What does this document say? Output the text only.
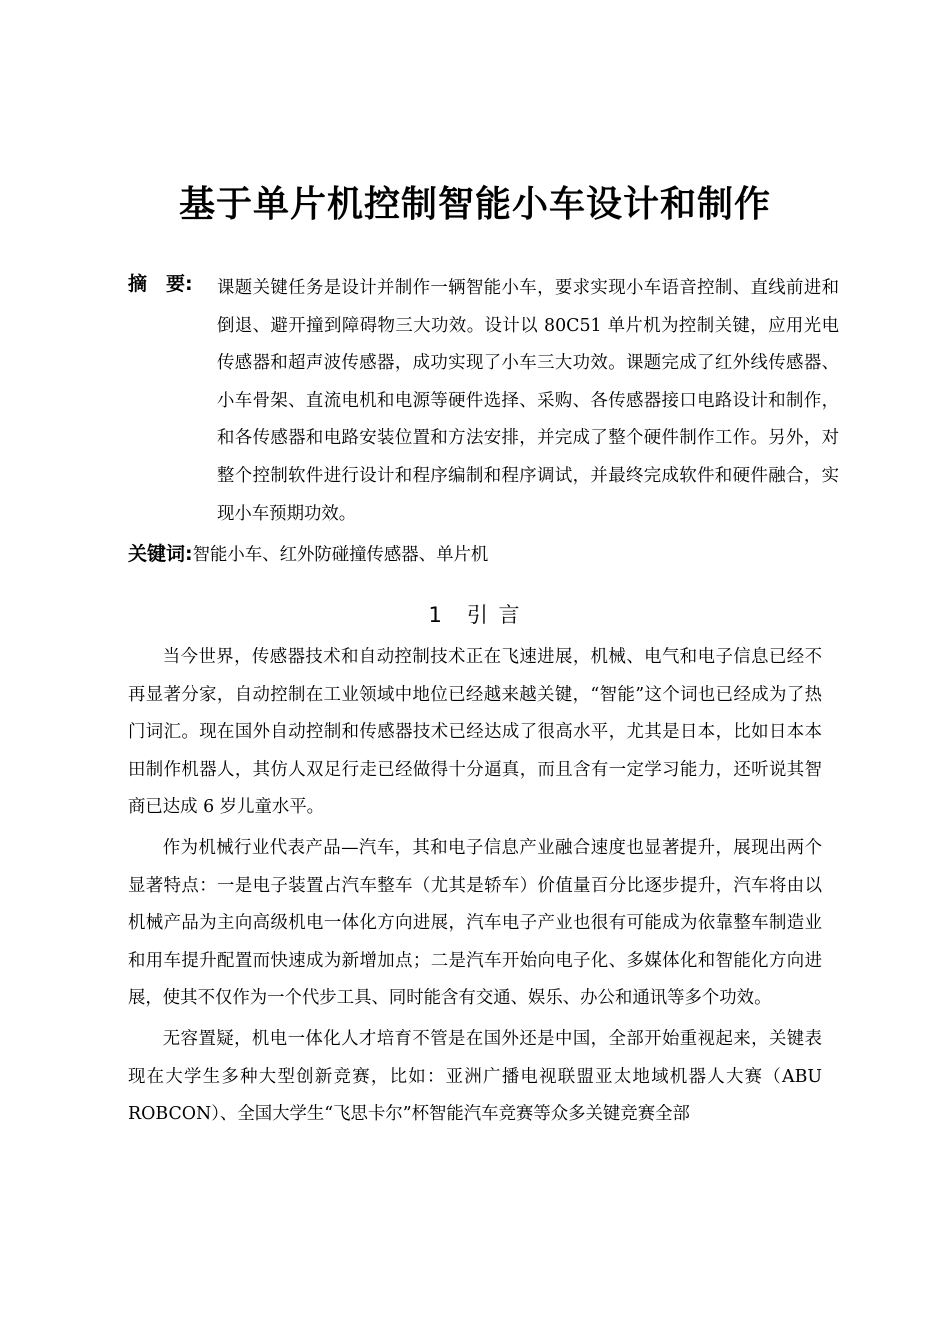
基于单片机控制智能小车设计和制作
摘　要: 课题关键任务是设计并制作一辆智能小车，要求实现小车语音控制、直线前进和倒退、避开撞到障碍物三大功效。设计以 80C51 单片机为控制关键，应用光电传感器和超声波传感器，成功实现了小车三大功效。课题完成了红外线传感器、小车骨架、直流电机和电源等硬件选择、采购、各传感器接口电路设计和制作，和各传感器和电路安装位置和方法安排，并完成了整个硬件制作工作。另外，对整个控制软件进行设计和程序编制和程序调试，并最终完成软件和硬件融合，实现小车预期功效。

关键词:智能小车、红外防碰撞传感器、单片机
1　引 言

当今世界，传感器技术和自动控制技术正在飞速进展，机械、电气和电子信息已经不再显著分家，自动控制在工业领域中地位已经越来越关键，“智能”这个词也已经成为了热门词汇。现在国外自动控制和传感器技术已经达成了很高水平，尤其是日本，比如日本本田制作机器人，其仿人双足行走已经做得十分逼真，而且含有一定学习能力，还听说其智商已达成 6 岁儿童水平。

作为机械行业代表产品—汽车，其和电子信息产业融合速度也显著提升，展现出两个显著特点：一是电子装置占汽车整车（尤其是轿车）价值量百分比逐步提升，汽车将由以机械产品为主向高级机电一体化方向进展，汽车电子产业也很有可能成为依靠整车制造业和用车提升配置而快速成为新增加点；二是汽车开始向电子化、多媒体化和智能化方向进展，使其不仅作为一个代步工具、同时能含有交通、娱乐、办公和通讯等多个功效。

无容置疑，机电一体化人才培育不管是在国外还是中国，全部开始重视起来，关键表现在大学生多种大型创新竞赛，比如：亚洲广播电视联盟亚太地域机器人大赛（ABU ROBCON）、全国大学生“飞思卡尔”杯智能汽车竞赛等众多关键竞赛全部
